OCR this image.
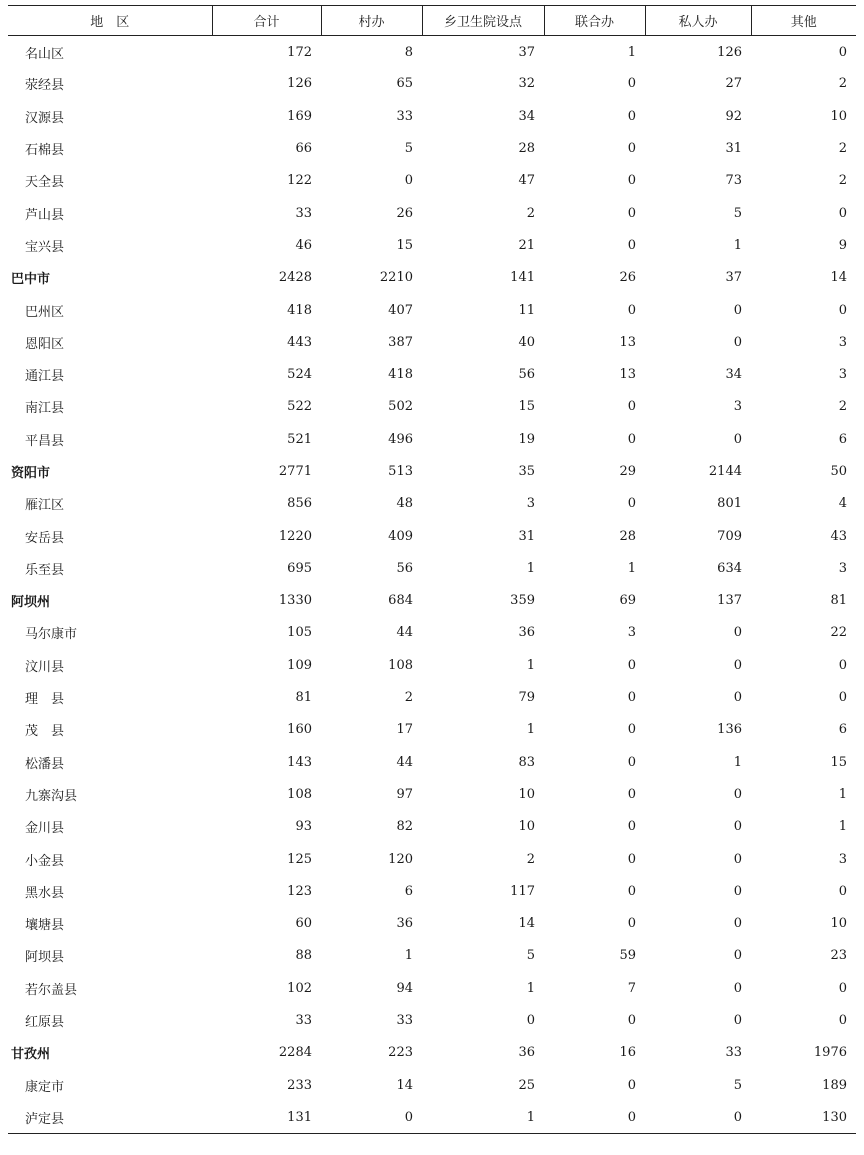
地　区	合计	村办	乡卫生院设点	联合办	私人办	其他
名山区	172	8	37	1	126	0
荥经县	126	65	32	0	27	2
汉源县	169	33	34	0	92	10
石棉县	66	5	28	0	31	2
天全县	122	0	47	0	73	2
芦山县	33	26	2	0	5	0
宝兴县	46	15	21	0	1	9
巴中市	2428	2210	141	26	37	14
巴州区	418	407	11	0	0	0
恩阳区	443	387	40	13	0	3
通江县	524	418	56	13	34	3
南江县	522	502	15	0	3	2
平昌县	521	496	19	0	0	6
资阳市	2771	513	35	29	2144	50
雁江区	856	48	3	0	801	4
安岳县	1220	409	31	28	709	43
乐至县	695	56	1	1	634	3
阿坝州	1330	684	359	69	137	81
马尔康市	105	44	36	3	0	22
汶川县	109	108	1	0	0	0
理　县	81	2	79	0	0	0
茂　县	160	17	1	0	136	6
松潘县	143	44	83	0	1	15
九寨沟县	108	97	10	0	0	1
金川县	93	82	10	0	0	1
小金县	125	120	2	0	0	3
黑水县	123	6	117	0	0	0
壤塘县	60	36	14	0	0	10
阿坝县	88	1	5	59	0	23
若尔盖县	102	94	1	7	0	0
红原县	33	33	0	0	0	0
甘孜州	2284	223	36	16	33	1976
康定市	233	14	25	0	5	189
泸定县	131	0	1	0	0	130
